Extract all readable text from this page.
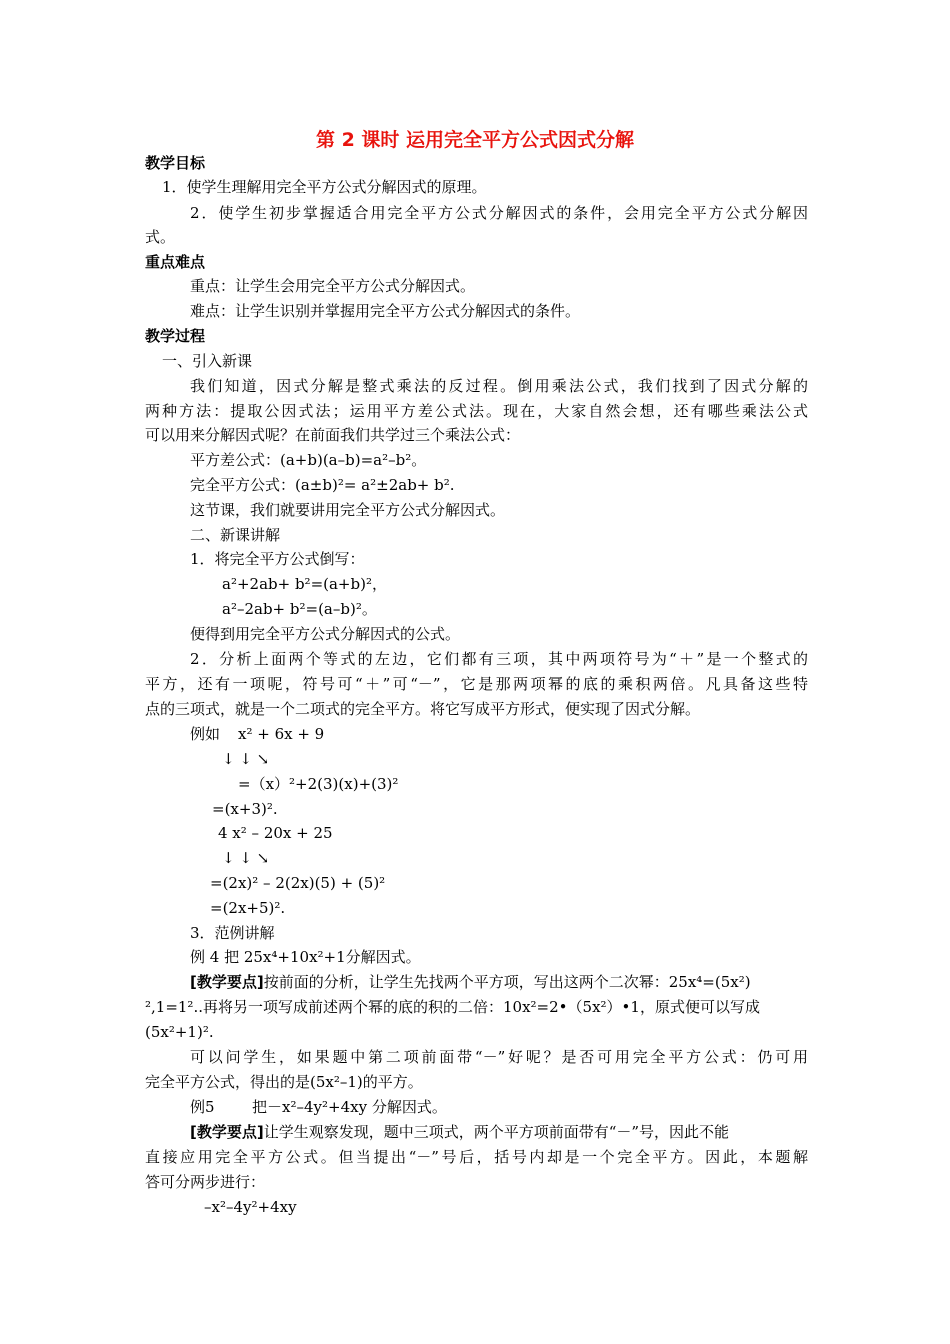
第 2 课时 运用完全平方公式因式分解
教学目标
1．使学生理解用完全平方公式分解因式的原理。
2．使学生初步掌握适合用完全平方公式分解因式的条件，会用完全平方公式分解因
式。
重点难点
重点：让学生会用完全平方公式分解因式。
难点：让学生识别并掌握用完全平方公式分解因式的条件。
教学过程
一、引入新课
我们知道，因式分解是整式乘法的反过程。倒用乘法公式，我们找到了因式分解的
两种方法：提取公因式法；运用平方差公式法。现在，大家自然会想，还有哪些乘法公式
可以用来分解因式呢？在前面我们共学过三个乘法公式：
平方差公式：(a+b)(a–b)=a²–b²。
完全平方公式：(a±b)²= a²±2ab+ b².
这节课，我们就要讲用完全平方公式分解因式。
二、新课讲解
1．将完全平方公式倒写：
a²+2ab+ b²=(a+b)²，
a²–2ab+ b²=(a–b)²。
便得到用完全平方公式分解因式的公式。
2．分析上面两个等式的左边，它们都有三项，其中两项符号为“＋”是一个整式的
平方，还有一项呢，符号可“＋”可“－”，它是那两项幂的底的乘积两倍。凡具备这些特
点的三项式，就是一个二项式的完全平方。将它写成平方形式，便实现了因式分解。
例如 x² + 6x + 9
↓ ↓ ↘
=（x）²+2(3)(x)+(3)²
=(x+3)².
4 x² – 20x + 25
↓ ↓ ↘
=(2x)² – 2(2x)(5) + (5)²
=(2x+5)².
3．范例讲解
例 4 把 25x⁴+10x²+1分解因式。
[教学要点]按前面的分析，让学生先找两个平方项，写出这两个二次幂：25x⁴=(5x²)
²,1=1²..再将另一项写成前述两个幂的底的积的二倍：10x²=2•（5x²）•1，原式便可以写成
(5x²+1)².
可以问学生，如果题中第二项前面带“－”好呢？是否可用完全平方公式：仍可用
完全平方公式，得出的是(5x²–1)的平方。
例5 把－x²–4y²+4xy 分解因式。
[教学要点]让学生观察发现，题中三项式，两个平方项前面带有“－”号，因此不能
直接应用完全平方公式。但当提出“－”号后，括号内却是一个完全平方。因此，本题解
答可分两步进行：
–x²–4y²+4xy
